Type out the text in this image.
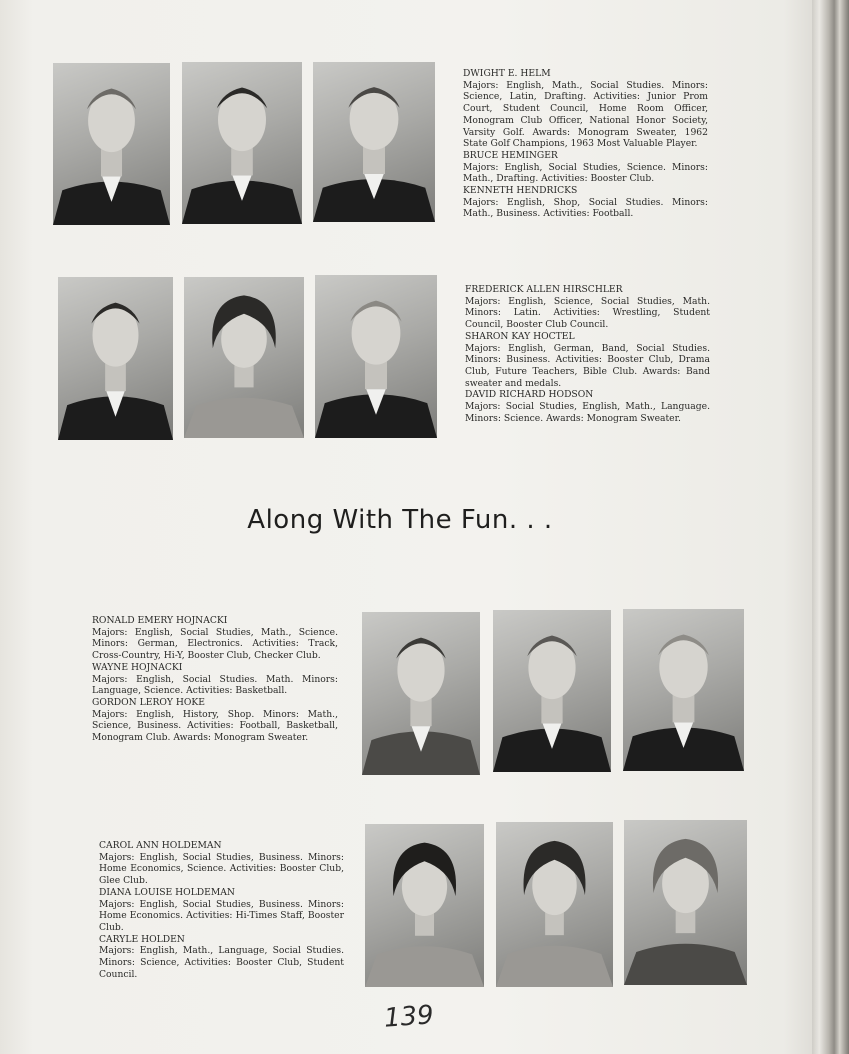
DWIGHT E. HELM

Majors: English, Math., Social Studies. Minors: Science, Latin, Drafting. Activities: Junior Prom Court, Student Council, Home Room Officer, Monogram Club Officer, National Honor Society, Varsity Golf. Awards: Monogram Sweater, 1962 State Golf Champions, 1963 Most Valuable Player.

BRUCE HEMINGER

Majors: English, Social Studies, Science. Minors: Math., Drafting. Activities: Booster Club.

KENNETH HENDRICKS

Majors: English, Shop, Social Studies. Minors: Math., Business. Activities: Football.

FREDERICK ALLEN HIRSCHLER

Majors: English, Science, Social Studies, Math. Minors: Latin. Activities: Wrestling, Student Council, Booster Club Council.

SHARON KAY HOCTEL

Majors: English, German, Band, Social Studies. Minors: Business. Activities: Booster Club, Drama Club, Future Teachers, Bible Club. Awards: Band sweater and medals.

DAVID RICHARD HODSON

Majors: Social Studies, English, Math., Language. Minors: Science. Awards: Monogram Sweater.

Along With The Fun. . .

RONALD EMERY HOJNACKI

Majors: English, Social Studies, Math., Science. Minors: German, Electronics. Activities: Track, Cross-Country, Hi-Y, Booster Club, Checker Club.

WAYNE HOJNACKI

Majors: English, Social Studies. Math. Minors: Language, Science. Activities: Basketball.

GORDON LEROY HOKE

Majors: English, History, Shop. Minors: Math., Science, Business. Activities: Football, Basketball, Monogram Club. Awards: Monogram Sweater.

CAROL ANN HOLDEMAN

Majors: English, Social Studies, Business. Minors: Home Economics, Science. Activities: Booster Club, Glee Club.

DIANA LOUISE HOLDEMAN

Majors: English, Social Studies, Business. Minors: Home Economics. Activities: Hi-Times Staff, Booster Club.

CARYLE HOLDEN

Majors: English, Math., Language, Social Studies. Minors: Science, Activities: Booster Club, Student Council.

139
